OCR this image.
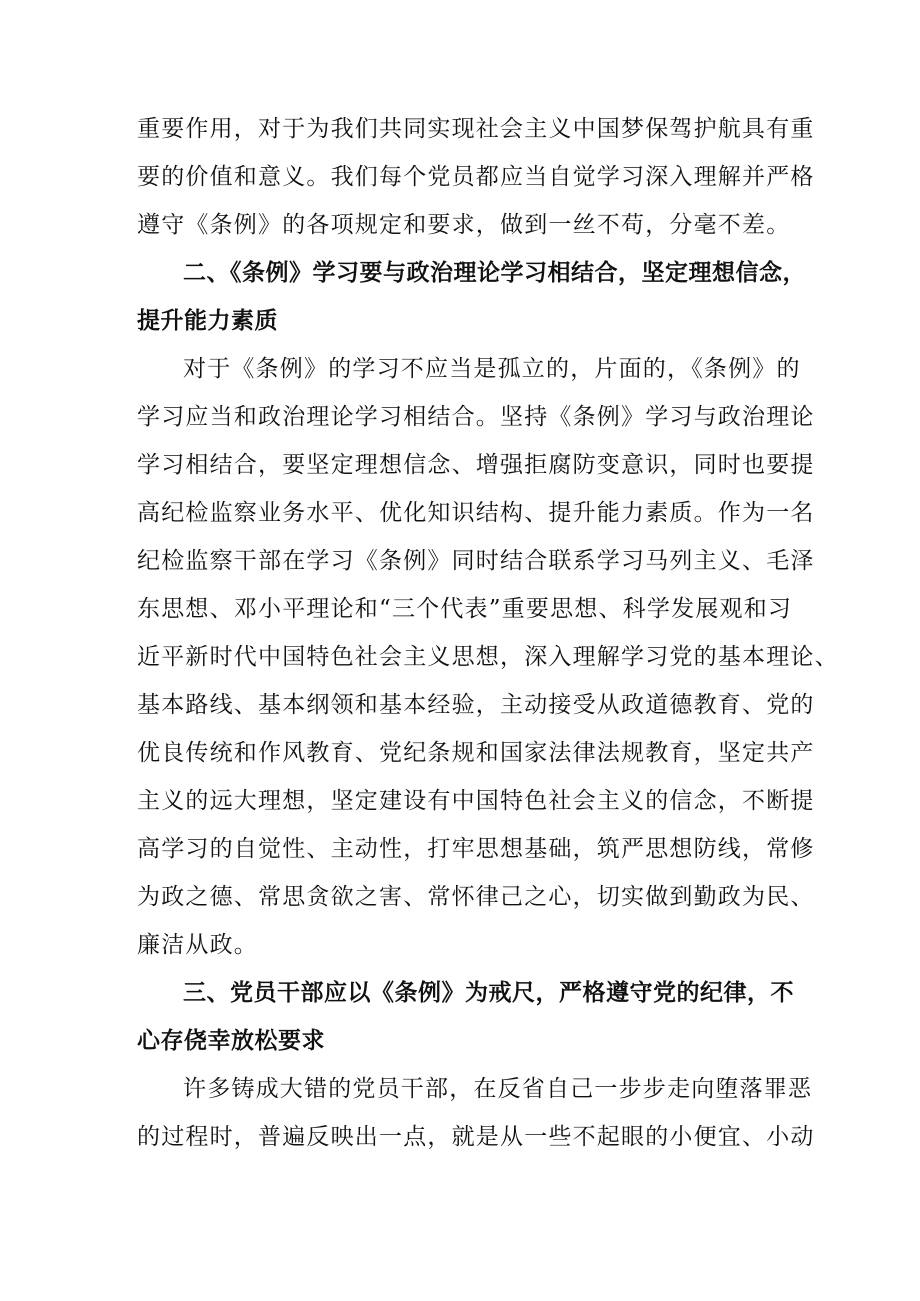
重要作用，对于为我们共同实现社会主义中国梦保驾护航具有重
要的价值和意义。我们每个党员都应当自觉学习深入理解并严格
遵守《条例》的各项规定和要求，做到一丝不苟，分毫不差。
二、《条例》学习要与政治理论学习相结合，坚定理想信念，
提升能力素质
对于《条例》的学习不应当是孤立的，片面的，《条例》的
学习应当和政治理论学习相结合。坚持《条例》学习与政治理论
学习相结合，要坚定理想信念、增强拒腐防变意识，同时也要提
高纪检监察业务水平、优化知识结构、提升能力素质。作为一名
纪检监察干部在学习《条例》同时结合联系学习马列主义、毛泽
东思想、邓小平理论和“三个代表”重要思想、科学发展观和习
近平新时代中国特色社会主义思想，深入理解学习党的基本理论、
基本路线、基本纲领和基本经验，主动接受从政道德教育、党的
优良传统和作风教育、党纪条规和国家法律法规教育，坚定共产
主义的远大理想，坚定建设有中国特色社会主义的信念，不断提
高学习的自觉性、主动性，打牢思想基础，筑严思想防线，常修
为政之德、常思贪欲之害、常怀律己之心，切实做到勤政为民、
廉洁从政。
三、党员干部应以《条例》为戒尺，严格遵守党的纪律，不
心存侥幸放松要求
许多铸成大错的党员干部，在反省自己一步步走向堕落罪恶
的过程时，普遍反映出一点，就是从一些不起眼的小便宜、小动
